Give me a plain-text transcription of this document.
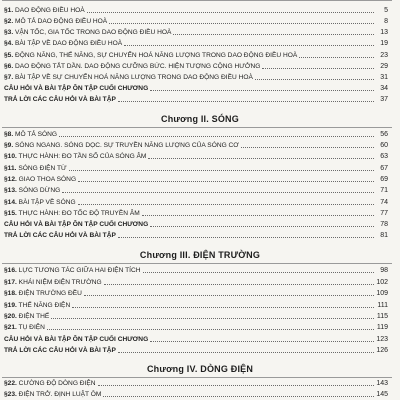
§1. DAO ĐỘNG ĐIỀU HOÀ	5
§2. MÔ TẢ DAO ĐỘNG ĐIỀU HOÀ	8
§3. VẬN TỐC, GIA TỐC TRONG DAO ĐỘNG ĐIỀU HOÀ	13
§4. BÀI TẬP VỀ DAO ĐỘNG ĐIỀU HOÀ	19
§5. ĐỘNG NĂNG, THẾ NĂNG, SỰ CHUYỂN HOÁ NĂNG LƯỢNG TRONG DAO ĐỘNG ĐIỀU HOÀ	23
§6. DAO ĐỘNG TẮT DẦN. DAO ĐỘNG CƯỠNG BỨC. HIỆN TƯỢNG CỘNG HƯỞNG	29
§7. BÀI TẬP VỀ SỰ CHUYỂN HOÁ NĂNG LƯỢNG TRONG DAO ĐỘNG ĐIỀU HOÀ	31
CÂU HỎI VÀ BÀI TẬP ÔN TẬP CUỐI CHƯƠNG	34
TRẢ LỜI CÁC CÂU HỎI VÀ BÀI TẬP	37
Chương II. SÓNG
§8. MÔ TẢ SÓNG	56
§9. SÓNG NGANG. SÓNG DỌC. SỰ TRUYỀN NĂNG LƯỢNG CỦA SÓNG CƠ	60
§10. THỰC HÀNH: ĐO TẦN SỐ CỦA SÓNG ÂM	63
§11. SÓNG ĐIỆN TỪ	67
§12. GIAO THOA SÓNG	69
§13. SÓNG DỪNG	71
§14. BÀI TẬP VỀ SÓNG	74
§15. THỰC HÀNH: ĐO TỐC ĐỘ TRUYỀN ÂM	77
CÂU HỎI VÀ BÀI TẬP ÔN TẬP CUỐI CHƯƠNG	78
TRẢ LỜI CÁC CÂU HỎI VÀ BÀI TẬP	81
Chương III. ĐIỆN TRƯỜNG
§16. LỰC TƯƠNG TÁC GIỮA HAI ĐIỆN TÍCH	98
§17. KHÁI NIỆM ĐIỆN TRƯỜNG	102
§18. ĐIỆN TRƯỜNG ĐỀU	109
§19. THẾ NĂNG ĐIỆN	111
§20. ĐIỆN THẾ	115
§21. TỤ ĐIỆN	119
CÂU HỎI VÀ BÀI TẬP ÔN TẬP CUỐI CHƯƠNG	123
TRẢ LỜI CÁC CÂU HỎI VÀ BÀI TẬP	126
Chương IV. DÒNG ĐIỆN
§22. CƯỜNG ĐỘ DÒNG ĐIỆN	143
§23. ĐIỆN TRỞ. ĐỊNH LUẬT ÔM	145
